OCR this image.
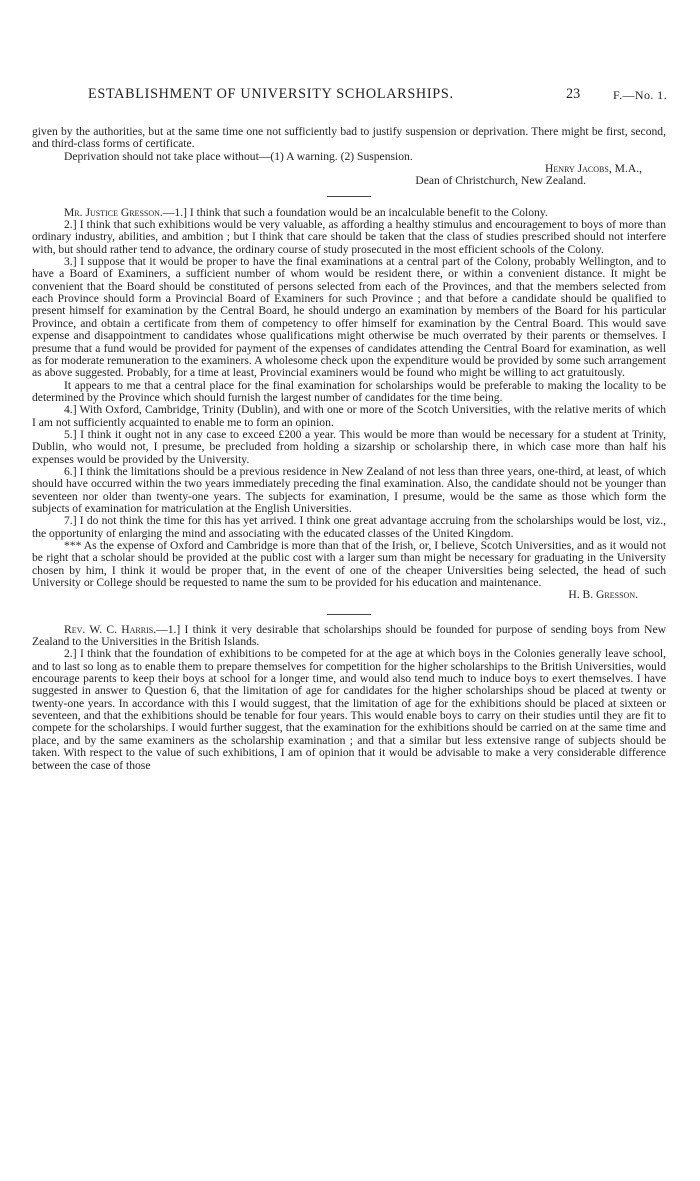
ESTABLISHMENT OF UNIVERSITY SCHOLARSHIPS.	23	F.—No. 1.

given by the authorities, but at the same time one not sufficiently bad to justify suspension or deprivation. There might be first, second, and third-class forms of certificate.

Deprivation should not take place without—(1) A warning. (2) Suspension.

Henry Jacobs, M.A.,

Dean of Christchurch, New Zealand.

Mr. Justice Gresson.—1.] I think that such a foundation would be an incalculable benefit to the Colony.

2.] I think that such exhibitions would be very valuable, as affording a healthy stimulus and encouragement to boys of more than ordinary industry, abilities, and ambition ; but I think that care should be taken that the class of studies prescribed should not interfere with, but should rather tend to advance, the ordinary course of study prosecuted in the most efficient schools of the Colony.

3.] I suppose that it would be proper to have the final examinations at a central part of the Colony, probably Wellington, and to have a Board of Examiners, a sufficient number of whom would be resident there, or within a convenient distance. It might be convenient that the Board should be constituted of persons selected from each of the Provinces, and that the members selected from each Province should form a Provincial Board of Examiners for such Province ; and that before a candidate should be qualified to present himself for examination by the Central Board, he should undergo an examination by members of the Board for his particular Province, and obtain a certificate from them of competency to offer himself for examination by the Central Board. This would save expense and disappointment to candidates whose qualifications might otherwise be much overrated by their parents or themselves. I presume that a fund would be provided for payment of the expenses of candidates attending the Central Board for examination, as well as for moderate remuneration to the examiners. A wholesome check upon the expenditure would be provided by some such arrangement as above suggested. Probably, for a time at least, Provincial examiners would be found who might be willing to act gratuitously.

It appears to me that a central place for the final examination for scholarships would be preferable to making the locality to be determined by the Province which should furnish the largest number of candidates for the time being.

4.] With Oxford, Cambridge, Trinity (Dublin), and with one or more of the Scotch Universities, with the relative merits of which I am not sufficiently acquainted to enable me to form an opinion.

5.] I think it ought not in any case to exceed £200 a year. This would be more than would be necessary for a student at Trinity, Dublin, who would not, I presume, be precluded from holding a sizarship or scholarship there, in which case more than half his expenses would be provided by the University.

6.] I think the limitations should be a previous residence in New Zealand of not less than three years, one-third, at least, of which should have occurred within the two years immediately preceding the final examination. Also, the candidate should not be younger than seventeen nor older than twenty-one years. The subjects for examination, I presume, would be the same as those which form the subjects of examination for matriculation at the English Universities.

7.] I do not think the time for this has yet arrived. I think one great advantage accruing from the scholarships would be lost, viz., the opportunity of enlarging the mind and associating with the educated classes of the United Kingdom.

*** As the expense of Oxford and Cambridge is more than that of the Irish, or, I believe, Scotch Universities, and as it would not be right that a scholar should be provided at the public cost with a larger sum than might be necessary for graduating in the University chosen by him, I think it would be proper that, in the event of one of the cheaper Universities being selected, the head of such University or College should be requested to name the sum to be provided for his education and maintenance.

H. B. Gresson.

Rev. W. C. Harris.—1.] I think it very desirable that scholarships should be founded for purpose of sending boys from New Zealand to the Universities in the British Islands.

2.] I think that the foundation of exhibitions to be competed for at the age at which boys in the Colonies generally leave school, and to last so long as to enable them to prepare themselves for competition for the higher scholarships to the British Universities, would encourage parents to keep their boys at school for a longer time, and would also tend much to induce boys to exert themselves. I have suggested in answer to Question 6, that the limitation of age for candidates for the higher scholarships shoud be placed at twenty or twenty-one years. In accordance with this I would suggest, that the limitation of age for the exhibitions should be placed at sixteen or seventeen, and that the exhibitions should be tenable for four years. This would enable boys to carry on their studies until they are fit to compete for the scholarships. I would further suggest, that the examination for the exhibitions should be carried on at the same time and place, and by the same examiners as the scholarship examination ; and that a similar but less extensive range of subjects should be taken. With respect to the value of such exhibitions, I am of opinion that it would be advisable to make a very considerable difference between the case of those
